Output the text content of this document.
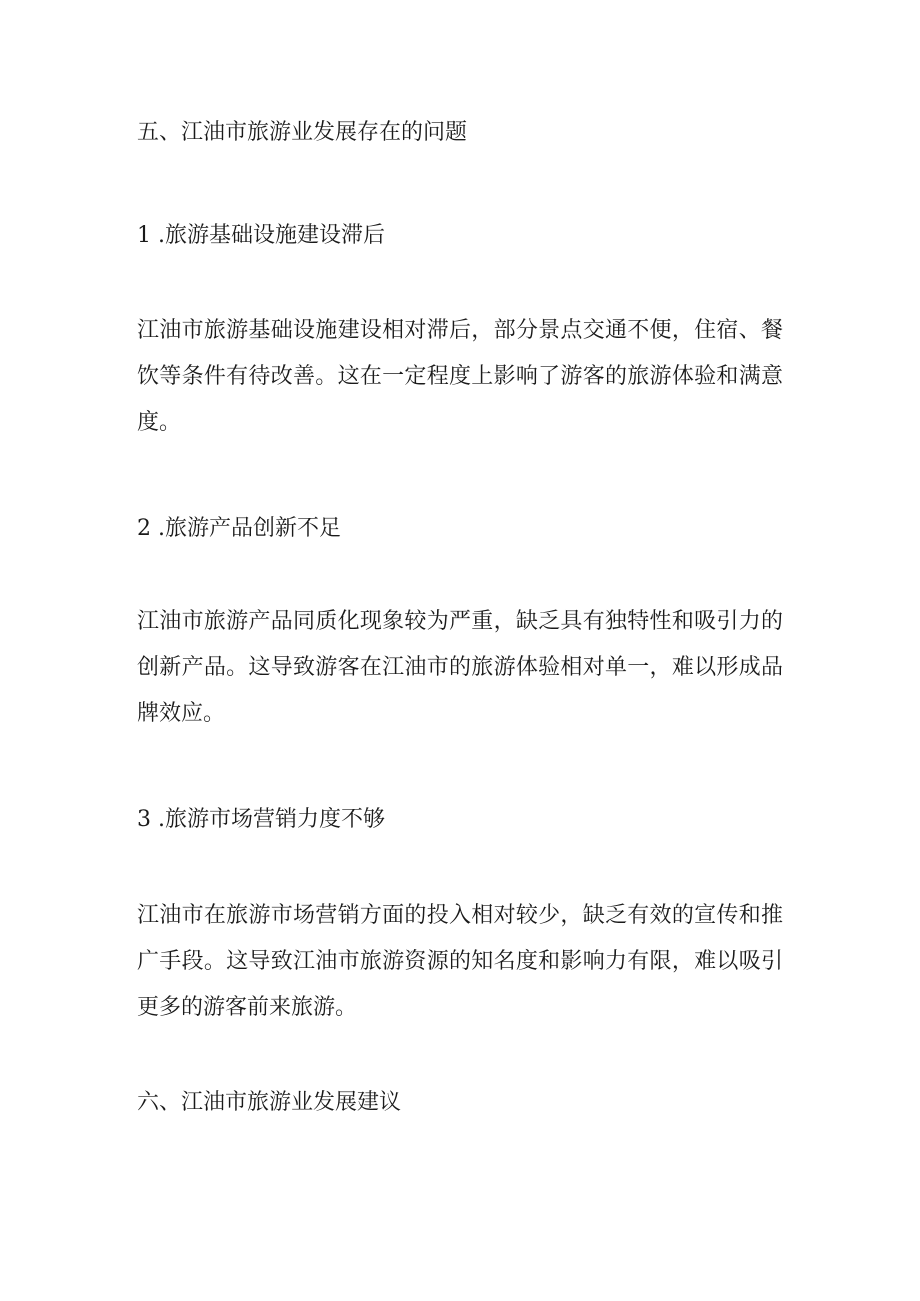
五、江油市旅游业发展存在的问题
1 .旅游基础设施建设滞后

江油市旅游基础设施建设相对滞后，部分景点交通不便，住宿、餐饮等条件有待改善。这在一定程度上影响了游客的旅游体验和满意度。

2 .旅游产品创新不足

江油市旅游产品同质化现象较为严重，缺乏具有独特性和吸引力的创新产品。这导致游客在江油市的旅游体验相对单一，难以形成品牌效应。

3 .旅游市场营销力度不够

江油市在旅游市场营销方面的投入相对较少，缺乏有效的宣传和推广手段。这导致江油市旅游资源的知名度和影响力有限，难以吸引更多的游客前来旅游。

六、江油市旅游业发展建议
